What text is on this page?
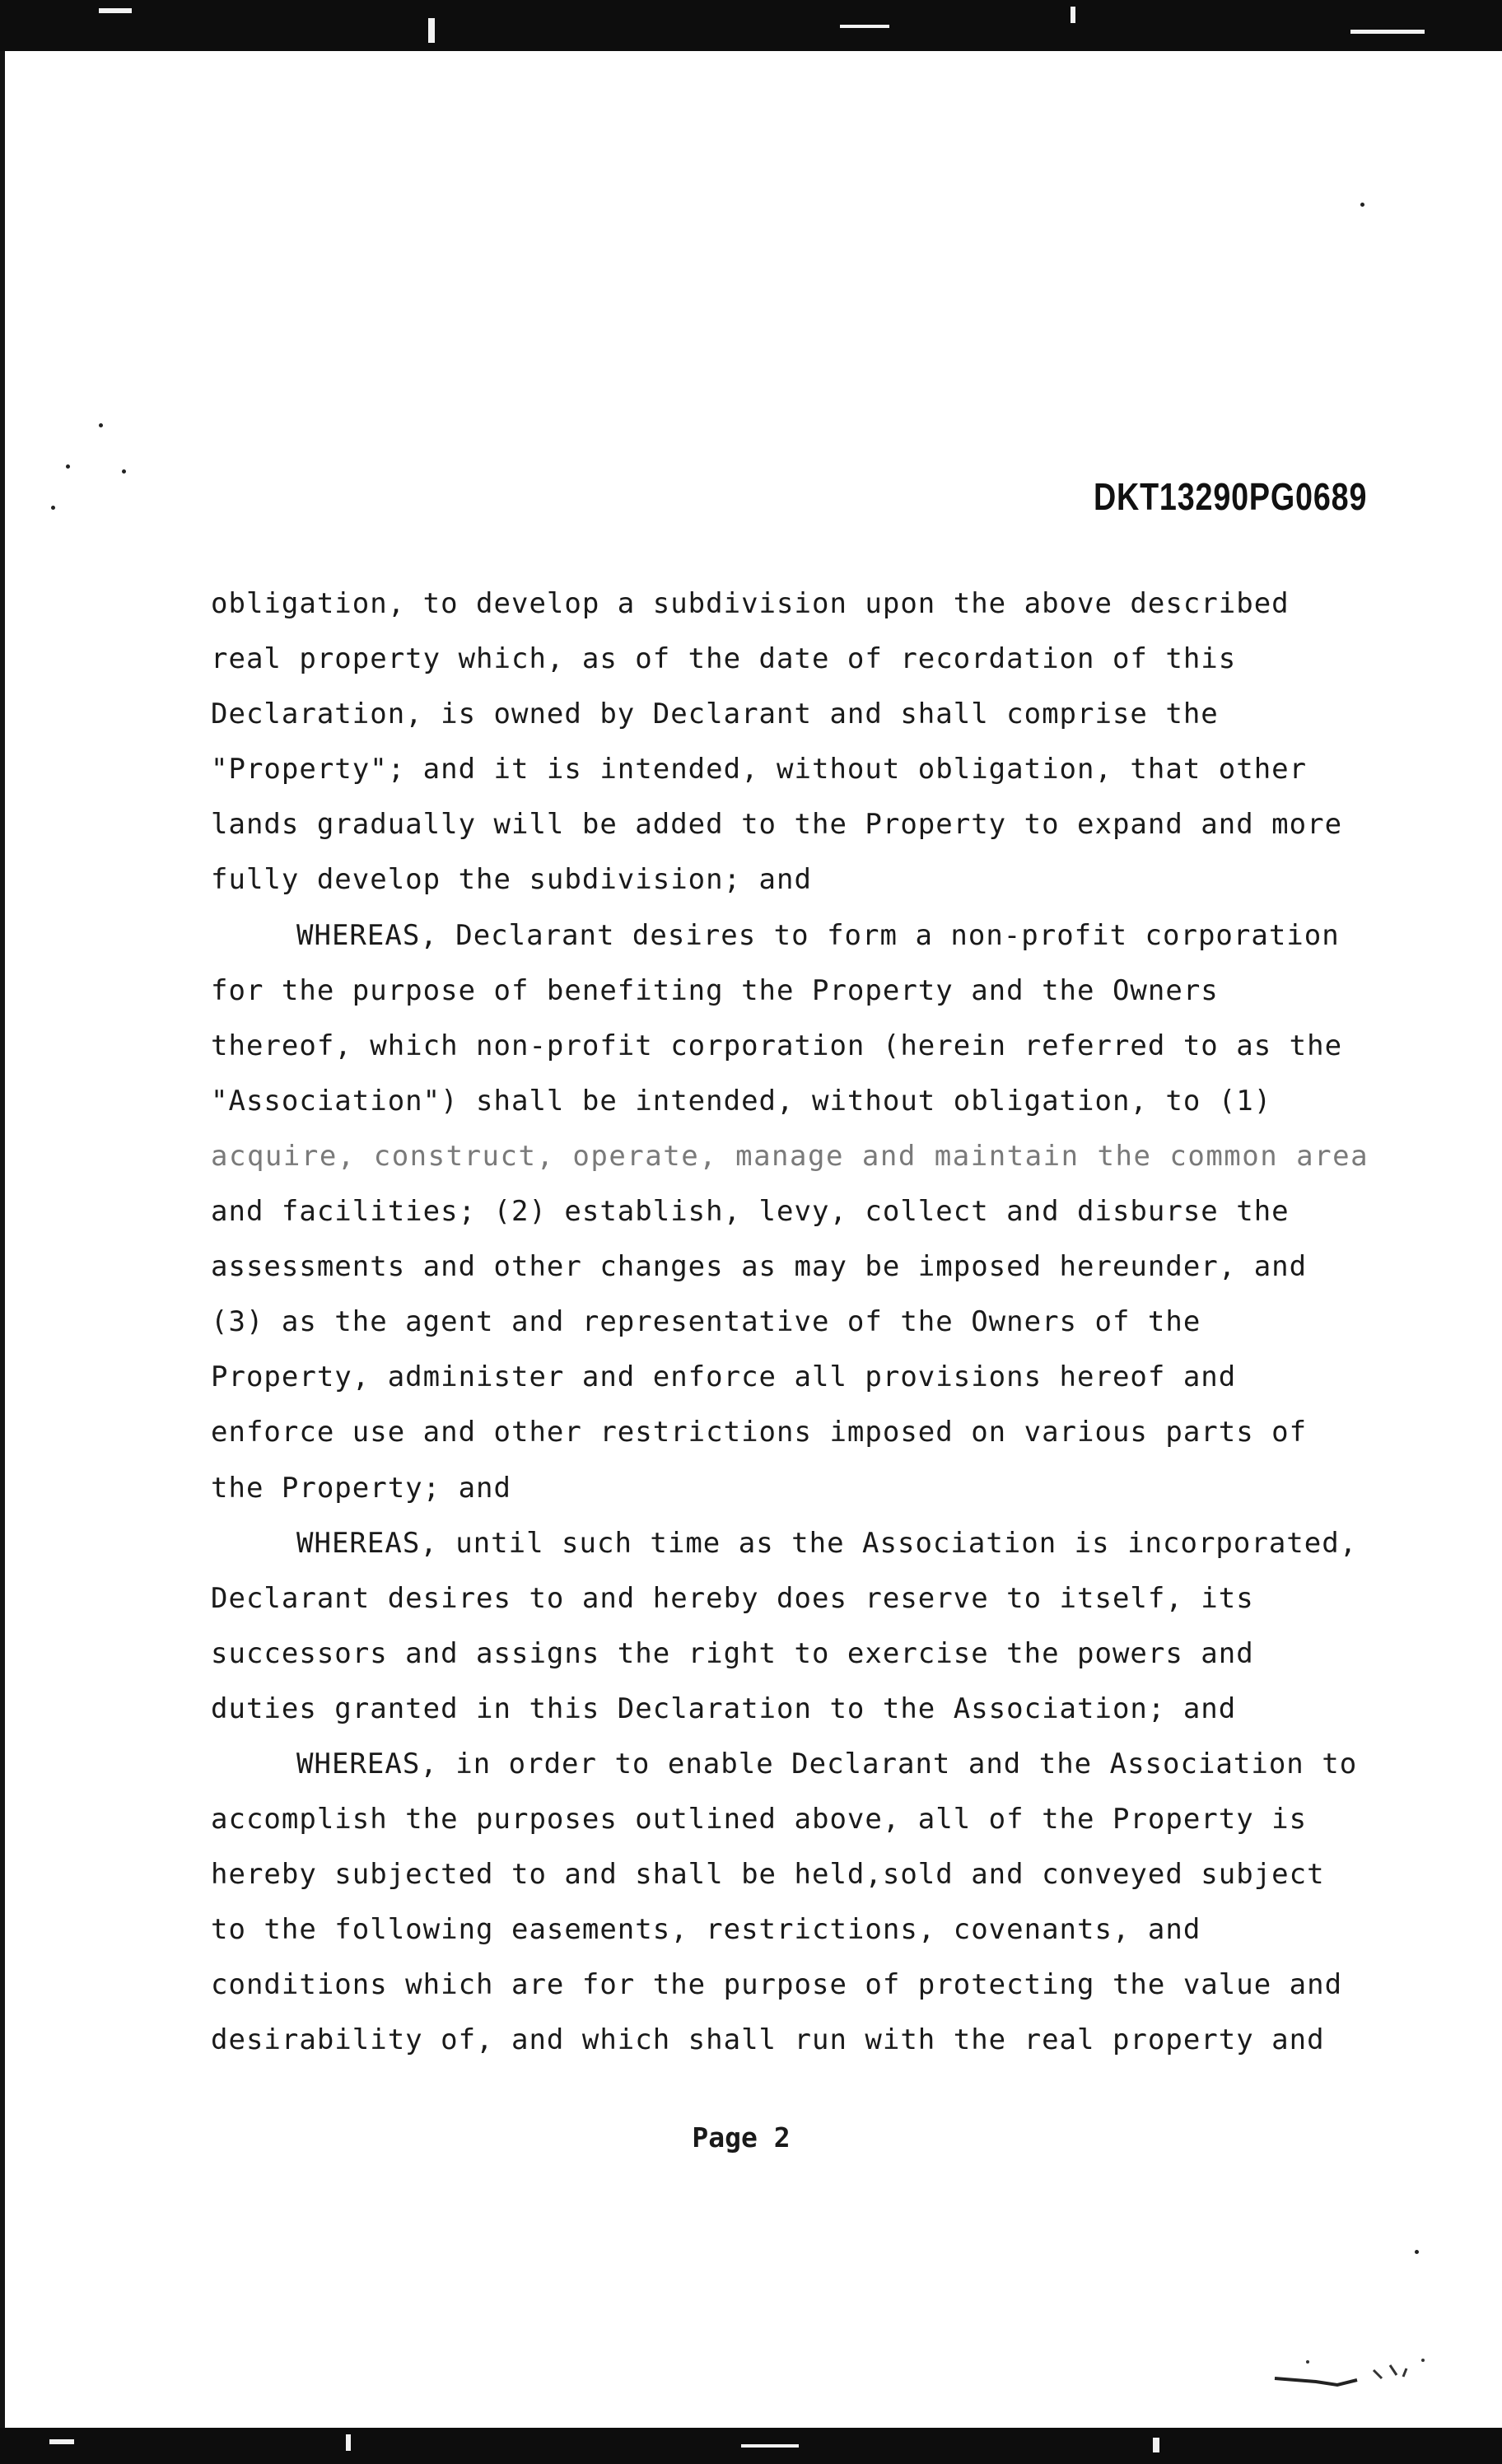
DKT13290PG0689
obligation, to develop a subdivision upon the above described
real property which, as of the date of recordation of this
Declaration, is owned by Declarant and shall comprise the
"Property"; and it is intended, without obligation, that other
lands gradually will be added to the Property to expand and more
fully develop the subdivision; and
WHEREAS, Declarant desires to form a non-profit corporation
for the purpose of benefiting the Property and the Owners
thereof, which non-profit corporation (herein referred to as the
"Association") shall be intended, without obligation, to (1)
acquire, construct, operate, manage and maintain the common area
and facilities; (2) establish, levy, collect and disburse the
assessments and other changes as may be imposed hereunder, and
(3) as the agent and representative of the Owners of the
Property, administer and enforce all provisions hereof and
enforce use and other restrictions imposed on various parts of
the Property; and
WHEREAS, until such time as the Association is incorporated,
Declarant desires to and hereby does reserve to itself, its
successors and assigns the right to exercise the powers and
duties granted in this Declaration to the Association; and
WHEREAS, in order to enable Declarant and the Association to
accomplish the purposes outlined above, all of the Property is
hereby subjected to and shall be held,sold and conveyed subject
to the following easements, restrictions, covenants, and
conditions which are for the purpose of protecting the value and
desirability of, and which shall run with the real property and
Page 2
